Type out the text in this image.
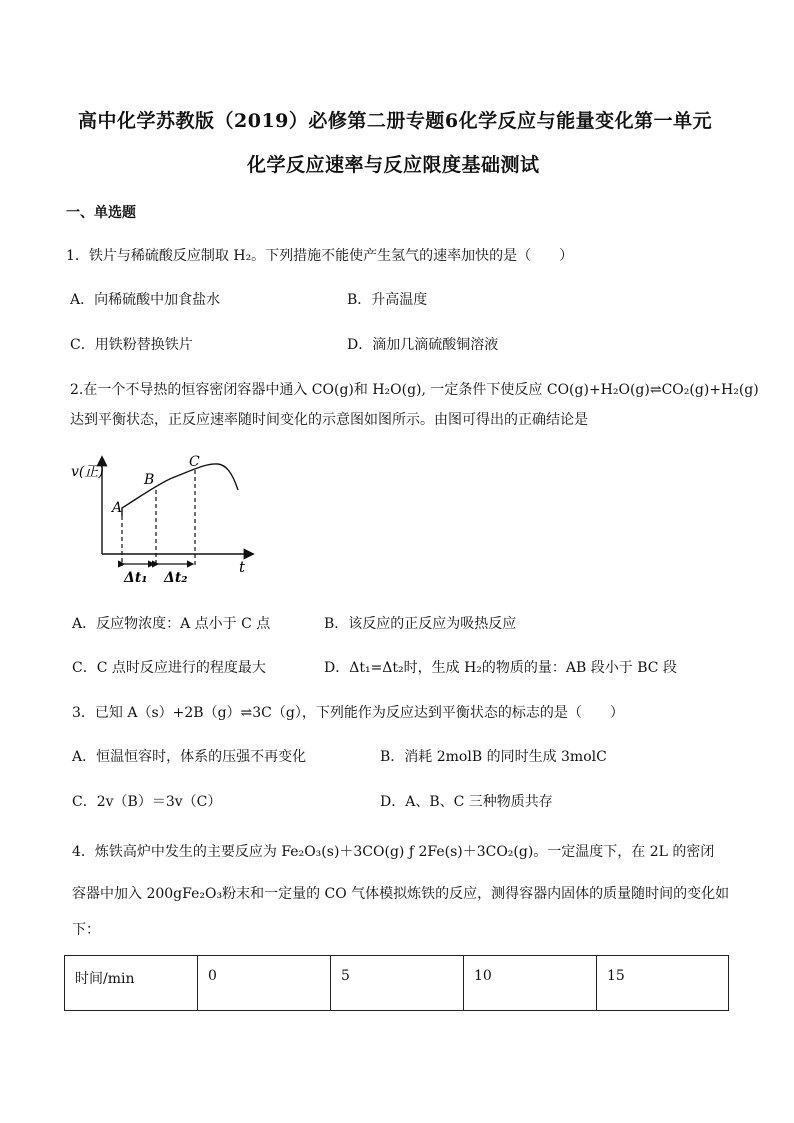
高中化学苏教版（2019）必修第二册专题6化学反应与能量变化第一单元
化学反应速率与反应限度基础测试
一、单选题
1．铁片与稀硫酸反应制取 H₂。下列措施不能使产生氢气的速率加快的是（　　）
A．向稀硫酸中加食盐水	B．升高温度
C．用铁粉替换铁片	D．滴加几滴硫酸铜溶液
2.在一个不导热的恒容密闭容器中通入 CO(g)和 H₂O(g), 一定条件下使反应 CO(g)+H₂O(g)⇌CO₂(g)+H₂(g)
达到平衡状态，正反应速率随时间变化的示意图如图所示。由图可得出的正确结论是
v(正)
t
A
B
C
Δt₁ Δt₂
A．反应物浓度：A 点小于 C 点	B．该反应的正反应为吸热反应
C．C 点时反应进行的程度最大	D．Δt₁=Δt₂时，生成 H₂的物质的量：AB 段小于 BC 段
3．已知 A（s）+2B（g）⇌3C（g），下列能作为反应达到平衡状态的标志的是（　　）
A．恒温恒容时，体系的压强不再变化	B．消耗 2molB 的同时生成 3molC
C．2v（B）＝3v（C）	D．A、B、C 三种物质共存
4．炼铁高炉中发生的主要反应为 Fe₂O₃(s)＋3CO(g) ƒ 2Fe(s)＋3CO₂(g)。一定温度下，在 2L 的密闭
容器中加入 200gFe₂O₃粉末和一定量的 CO 气体模拟炼铁的反应，测得容器内固体的质量随时间的变化如
下：
时间/min	0	5	10	15
